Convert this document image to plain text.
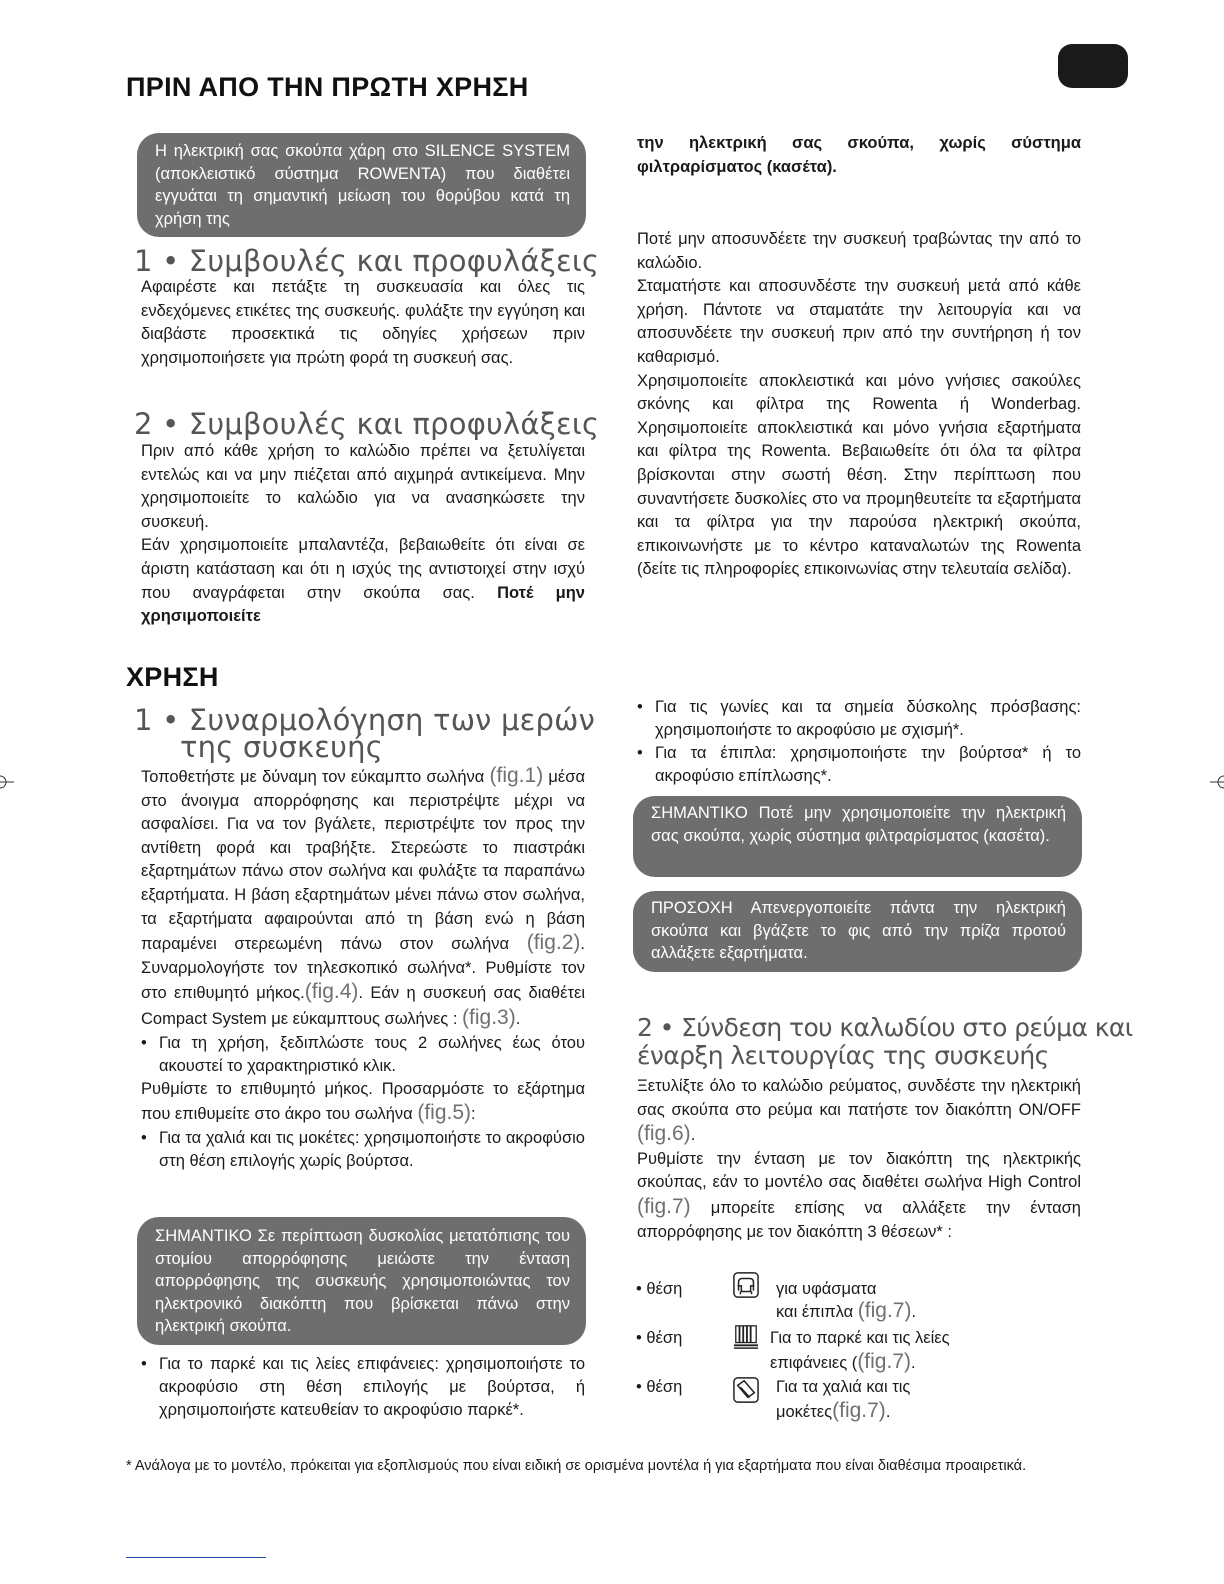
ΠΡΙΝ ΑΠΟ ΤΗΝ ΠΡΩΤΗ ΧΡΗΣΗ

Η ηλεκτρική σας σκούπα χάρη στο SILENCE SYSTEM (αποκλειστικό σύστημα ROWENTA) που διαθέτει εγγυάται τη σημαντική μείωση του θορύβου κατά τη χρήση της

1 • Συμβουλές και προφυλάξεις

Αφαιρέστε και πετάξτε τη συσκευασία και όλες τις ενδεχόμενες ετικέτες της συσκευής. φυλάξτε την εγγύηση και διαβάστε προσεκτικά τις οδηγίες χρήσεων πριν χρησιμοποιήσετε για πρώτη φορά τη συσκευή σας.

2 • Συμβουλές και προφυλάξεις

Πριν από κάθε χρήση το καλώδιο πρέπει να ξετυλίγεται εντελώς και να μην πιέζεται από αιχμηρά αντικείμενα. Μην χρησιμοποιείτε το καλώδιο για να ανασηκώσετε την συσκευή.

Εάν χρησιμοποιείτε μπαλαντέζα, βεβαιωθείτε ότι είναι σε άριστη κατάσταση και ότι η ισχύς της αντιστοιχεί στην ισχύ που αναγράφεται στην σκούπα σας. Ποτέ μην χρησιμοποιείτε

την ηλεκτρική σας σκούπα, χωρίς σύστημα φιλτραρίσματος (κασέτα).

Ποτέ μην αποσυνδέετε την συσκευή τραβώντας την από το καλώδιο.

Σταματήστε και αποσυνδέστε την συσκευή μετά από κάθε χρήση. Πάντοτε να σταματάτε την λειτουργία και να αποσυνδέετε την συσκευή πριν από την συντήρηση ή τον καθαρισμό.

Χρησιμοποιείτε αποκλειστικά και μόνο γνήσιες σακούλες σκόνης και φίλτρα της Rowenta ή Wonderbag. Χρησιμοποιείτε αποκλειστικά και μόνο γνήσια εξαρτήματα και φίλτρα της Rowenta. Βεβαιωθείτε ότι όλα τα φίλτρα βρίσκονται στην σωστή θέση. Στην περίπτωση που συναντήσετε δυσκολίες στο να προμηθευτείτε τα εξαρτήματα και τα φίλτρα για την παρούσα ηλεκτρική σκούπα, επικοινωνήστε με το κέντρο καταναλωτών της Rowenta (δείτε τις πληροφορίες επικοινωνίας στην τελευταία σελίδα).

ΧΡΗΣΗ
1 • Συναρμολόγηση των μερών
της συσκευής

Τοποθετήστε με δύναμη τον εύκαμπτο σωλήνα (fig.1) μέσα στο άνοιγμα απορρόφησης και περιστρέψτε μέχρι να ασφαλίσει. Για να τον βγάλετε, περιστρέψτε τον προς την αντίθετη φορά και τραβήξτε. Στερεώστε το πιαστράκι εξαρτημάτων πάνω στον σωλήνα και φυλάξτε τα παραπάνω εξαρτήματα. Η βάση εξαρτημάτων μένει πάνω στον σωλήνα, τα εξαρτήματα αφαιρούνται από τη βάση ενώ η βάση παραμένει στερεωμένη πάνω στον σωλήνα (fig.2). Συναρμολογήστε τον τηλεσκοπικό σωλήνα*. Ρυθμίστε τον στο επιθυμητό μήκος.(fig.4). Εάν η συσκευή σας διαθέτει Compact System με εύκαμπτους σωλήνες : (fig.3).

• Για τη χρήση, ξεδιπλώστε τους 2 σωλήνες έως ότου ακουστεί το χαρακτηριστικό κλικ.

Ρυθμίστε το επιθυμητό μήκος. Προσαρμόστε το εξάρτημα που επιθυμείτε στο άκρο του σωλήνα (fig.5):

• Για τα χαλιά και τις μοκέτες: χρησιμοποιήστε το ακροφύσιο στη θέση επιλογής χωρίς βούρτσα.

ΣΗΜΑΝΤΙΚΟ Σε περίπτωση δυσκολίας μετατόπισης του στομίου απορρόφησης μειώστε την ένταση απορρόφησης της συσκευής χρησιμοποιώντας τον ηλεκτρονικό διακόπτη που βρίσκεται πάνω στην ηλεκτρική σκούπα.

• Για το παρκέ και τις λείες επιφάνειες: χρησιμοποιήστε το ακροφύσιο στη θέση επιλογής με βούρτσα, ή χρησιμοποιήστε κατευθείαν το ακροφύσιο παρκέ*.
• Για τις γωνίες και τα σημεία δύσκολης πρόσβασης: χρησιμοποιήστε το ακροφύσιο με σχισμή*.
• Για τα έπιπλα: χρησιμοποιήστε την βούρτσα* ή το ακροφύσιο επίπλωσης*.

ΣΗΜΑΝΤΙΚΟ Ποτέ μην χρησιμοποιείτε την ηλεκτρική σας σκούπα, χωρίς σύστημα φιλτραρίσματος (κασέτα).

ΠΡΟΣΟΧΗ Απενεργοποιείτε πάντα την ηλεκτρική σκούπα και βγάζετε το φις από την πρίζα προτού αλλάξετε εξαρτήματα.

2 • Σύνδεση του καλωδίου στο ρεύμα και
έναρξη λειτουργίας της συσκευής

Ξετυλίξτε όλο το καλώδιο ρεύματος, συνδέστε την ηλεκτρική σας σκούπα στο ρεύμα και πατήστε τον διακόπτη ON/OFF (fig.6).

Ρυθμίστε την ένταση με τον διακόπτη της ηλεκτρικής σκούπας, εάν το μοντέλο σας διαθέτει σωλήνα High Control (fig.7) μπορείτε επίσης να αλλάξετε την ένταση απορρόφησης με τον διακόπτη 3 θέσεων* :

• θέση	για υφάσματα
και έπιπλα (fig.7).
• θέση	Για το παρκέ και τις λείες
επιφάνειες ((fig.7).
• θέση	Για τα χαλιά και τις
μοκέτες(fig.7).
* Ανάλογα με το μοντέλο, πρόκειται για εξοπλισμούς που είναι ειδική σε ορισμένα μοντέλα ή για εξαρτήματα που είναι διαθέσιμα προαιρετικά.
